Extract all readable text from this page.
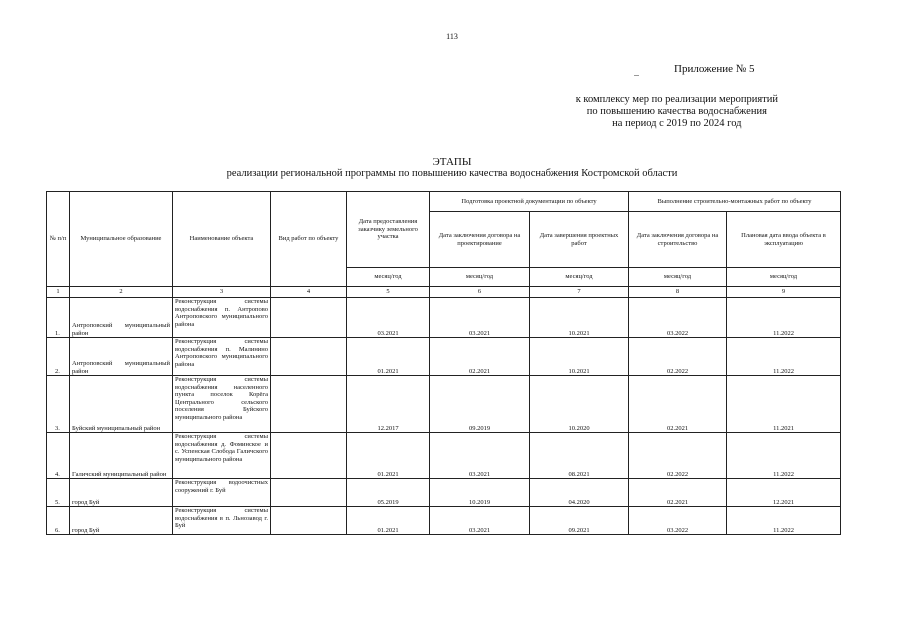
113
Приложение № 5
к комплексу мер по реализации мероприятий
по повышению качества водоснабжения
на период с 2019 по 2024 год
ЭТАПЫ
реализации региональной программы по повышению качества водоснабжения Костромской области
№ п/п	Муниципальное образование	Наименование объекта	Вид работ по объекту	Дата предоставления заказчику земельного участка	Подготовка проектной документации по объекту		Выполнение строительно-монтажных работ по объекту	
					Дата заключения договора на проектирование	Дата завершения проектных работ	Дата заключения договора на строительство	Плановая дата ввода объекта в эксплуатацию
				месяц/год	месяц/год	месяц/год	месяц/год	месяц/год
1	2	3	4	5	6	7	8	9
1.	Антроповский муниципальный район	Реконструкция системы водоснабжения п. Антропово Антроповского муниципального района		03.2021	03.2021	10.2021	03.2022	11.2022
2.	Антроповский муниципальный район	Реконструкция системы водоснабжения п. Малинино Антроповского муниципального района		01.2021	02.2021	10.2021	02.2022	11.2022
3.	Буйский муниципальный район	Реконструкция системы водоснабжения населенного пункта поселок Корёга Центрального сельского поселения Буйского муниципального района		12.2017	09.2019	10.2020	02.2021	11.2021
4.	Галичский муниципальный район	Реконструкция системы водоснабжения д. Фоминское и с. Успенская Слобода Галичского муниципального района		01.2021	03.2021	08.2021	02.2022	11.2022
5.	город Буй	Реконструкция водоочистных сооружений г. Буй		05.2019	10.2019	04.2020	02.2021	12.2021
6.	город Буй	Реконструкция системы водоснабжения в п. Льнозавод г. Буй		01.2021	03.2021	09.2021	03.2022	11.2022
